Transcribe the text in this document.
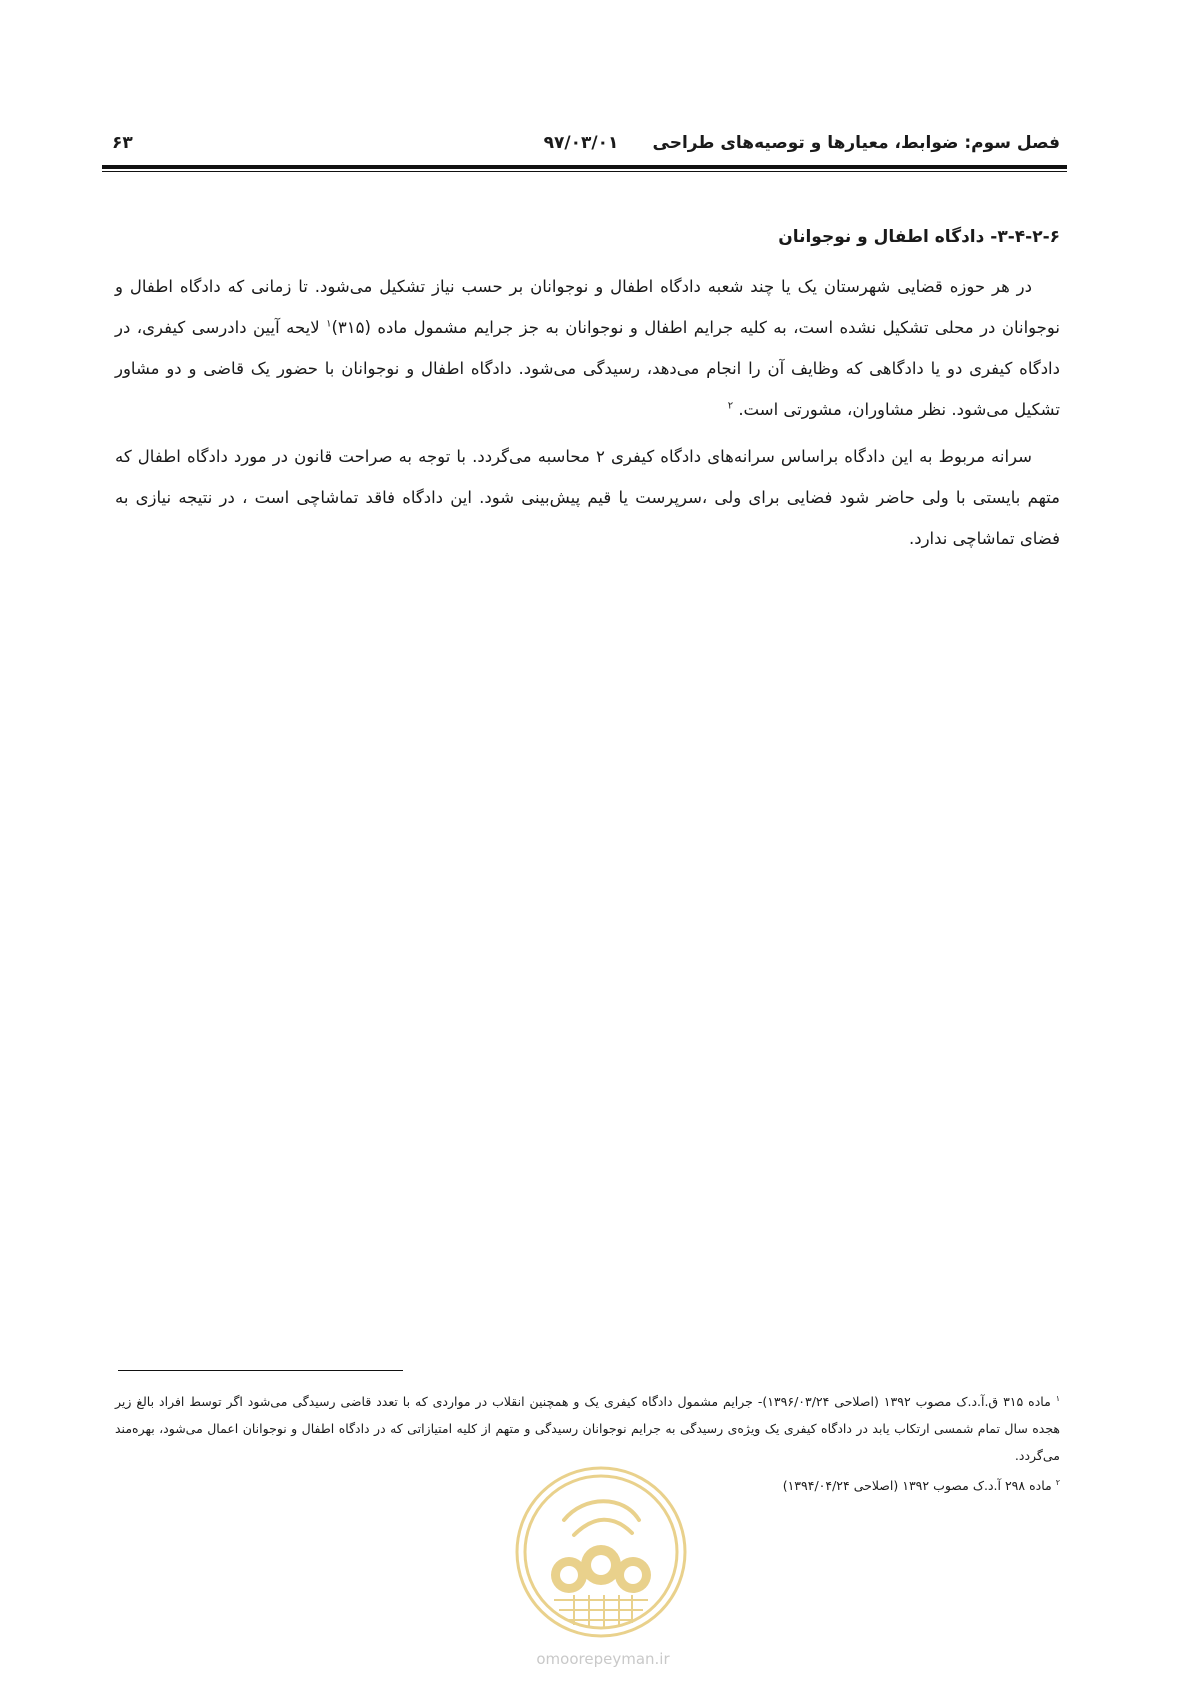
فصل سوم: ضوابط، معیارها و توصیه‌های طراحی
۹۷/۰۳/۰۱
۶۳
۳-۴-۲-۶- دادگاه اطفال و نوجوانان

در هر حوزه قضایی شهرستان یک یا چند شعبه دادگاه اطفال و نوجوانان بر حسب نیاز تشکیل می‌شود. تا زمانی که دادگاه اطفال و نوجوانان در محلی تشکیل نشده است، به کلیه جرایم اطفال و نوجوانان به جز جرایم مشمول ماده (۳۱۵)$^۱$ لایحه آیین دادرسی کیفری، در دادگاه کیفری دو یا دادگاهی که وظایف آن را انجام می‌دهد، رسیدگی می‌شود. دادگاه اطفال و نوجوانان با حضور یک قاضی و دو مشاور تشکیل می‌شود. نظر مشاوران، مشورتی است. $^۲$

سرانه مربوط به این دادگاه براساس سرانه‌های دادگاه کیفری ۲ محاسبه می‌گردد. با توجه به صراحت قانون در مورد دادگاه اطفال که متهم بایستی با ولی حاضر شود فضایی برای ولی ،سرپرست یا قیم پیش‌بینی شود. این دادگاه فاقد تماشاچی است ، در نتیجه نیازی به فضای تماشاچی ندارد.

$^۱$ ماده ۳۱۵ ق.آ.د.ک مصوب ۱۳۹۲ (اصلاحی ۱۳۹۶/۰۳/۲۴)- جرایم مشمول دادگاه کیفری یک و همچنین انقلاب در مواردی که با تعدد قاضی رسیدگی می‌شود اگر توسط افراد بالغ زیر هجده سال تمام شمسی ارتکاب یابد در دادگاه کیفری یک ویژه‌ی رسیدگی به جرایم نوجوانان رسیدگی و متهم از کلیه امتیازاتی که در دادگاه اطفال و نوجوانان اعمال می‌شود، بهره‌مند می‌گردد.

$^۲$ ماده ۲۹۸ آ.د.ک مصوب ۱۳۹۲ (اصلاحی ۱۳۹۴/۰۴/۲۴)

omoorepeyman.ir
